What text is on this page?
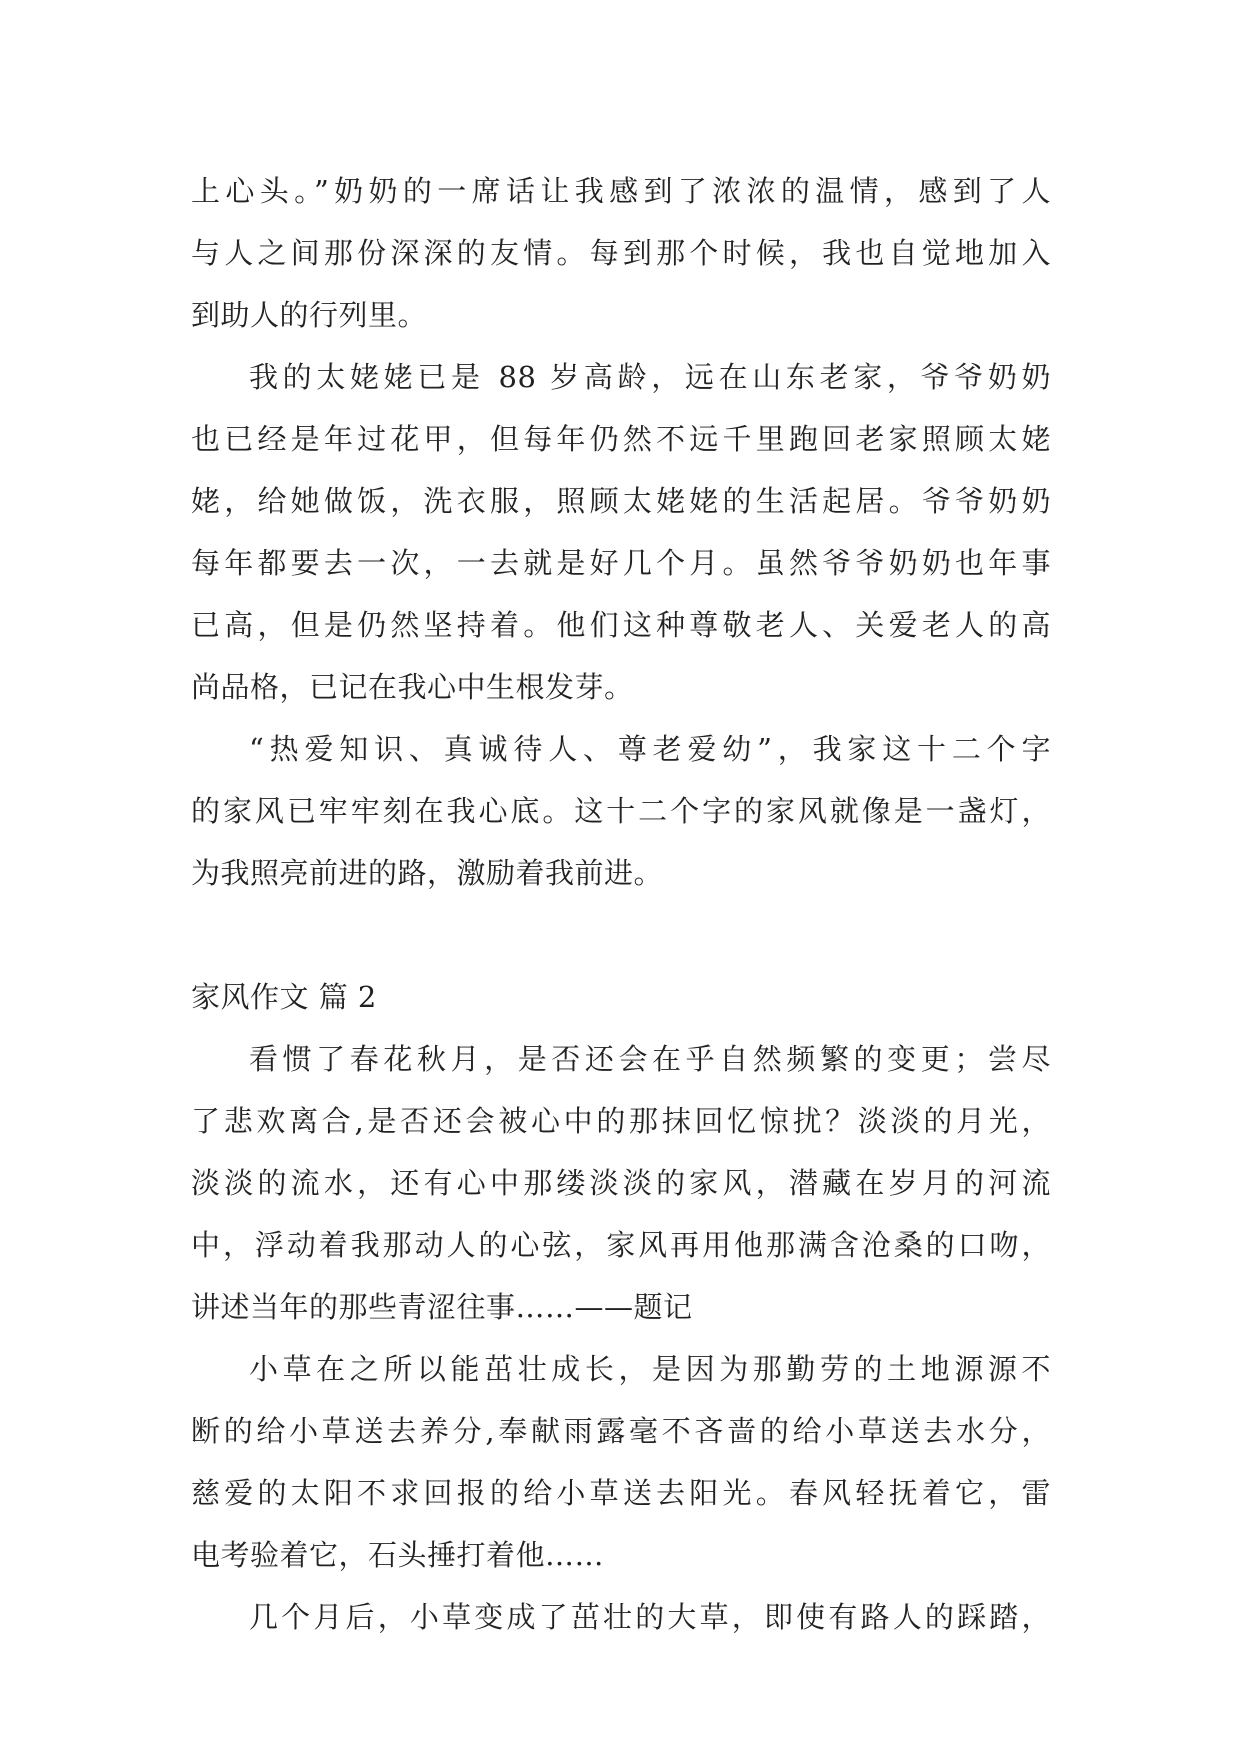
上心头。”奶奶的一席话让我感到了浓浓的温情，感到了人
与人之间那份深深的友情。每到那个时候，我也自觉地加入
到助人的行列里。
我的太姥姥已是 88 岁高龄，远在山东老家，爷爷奶奶
也已经是年过花甲，但每年仍然不远千里跑回老家照顾太姥
姥，给她做饭，洗衣服，照顾太姥姥的生活起居。爷爷奶奶
每年都要去一次，一去就是好几个月。虽然爷爷奶奶也年事
已高，但是仍然坚持着。他们这种尊敬老人、关爱老人的高
尚品格，已记在我心中生根发芽。
“热爱知识、真诚待人、尊老爱幼”，我家这十二个字
的家风已牢牢刻在我心底。这十二个字的家风就像是一盏灯，
为我照亮前进的路，激励着我前进。
家风作文 篇 2
看惯了春花秋月，是否还会在乎自然频繁的变更；尝尽
了悲欢离合,是否还会被心中的那抹回忆惊扰？淡淡的月光，
淡淡的流水，还有心中那缕淡淡的家风，潜藏在岁月的河流
中，浮动着我那动人的心弦，家风再用他那满含沧桑的口吻，
讲述当年的那些青涩往事……——题记
小草在之所以能茁壮成长，是因为那勤劳的土地源源不
断的给小草送去养分,奉献雨露毫不吝啬的给小草送去水分，
慈爱的太阳不求回报的给小草送去阳光。春风轻抚着它，雷
电考验着它，石头捶打着他……
几个月后，小草变成了茁壮的大草，即使有路人的踩踏，
